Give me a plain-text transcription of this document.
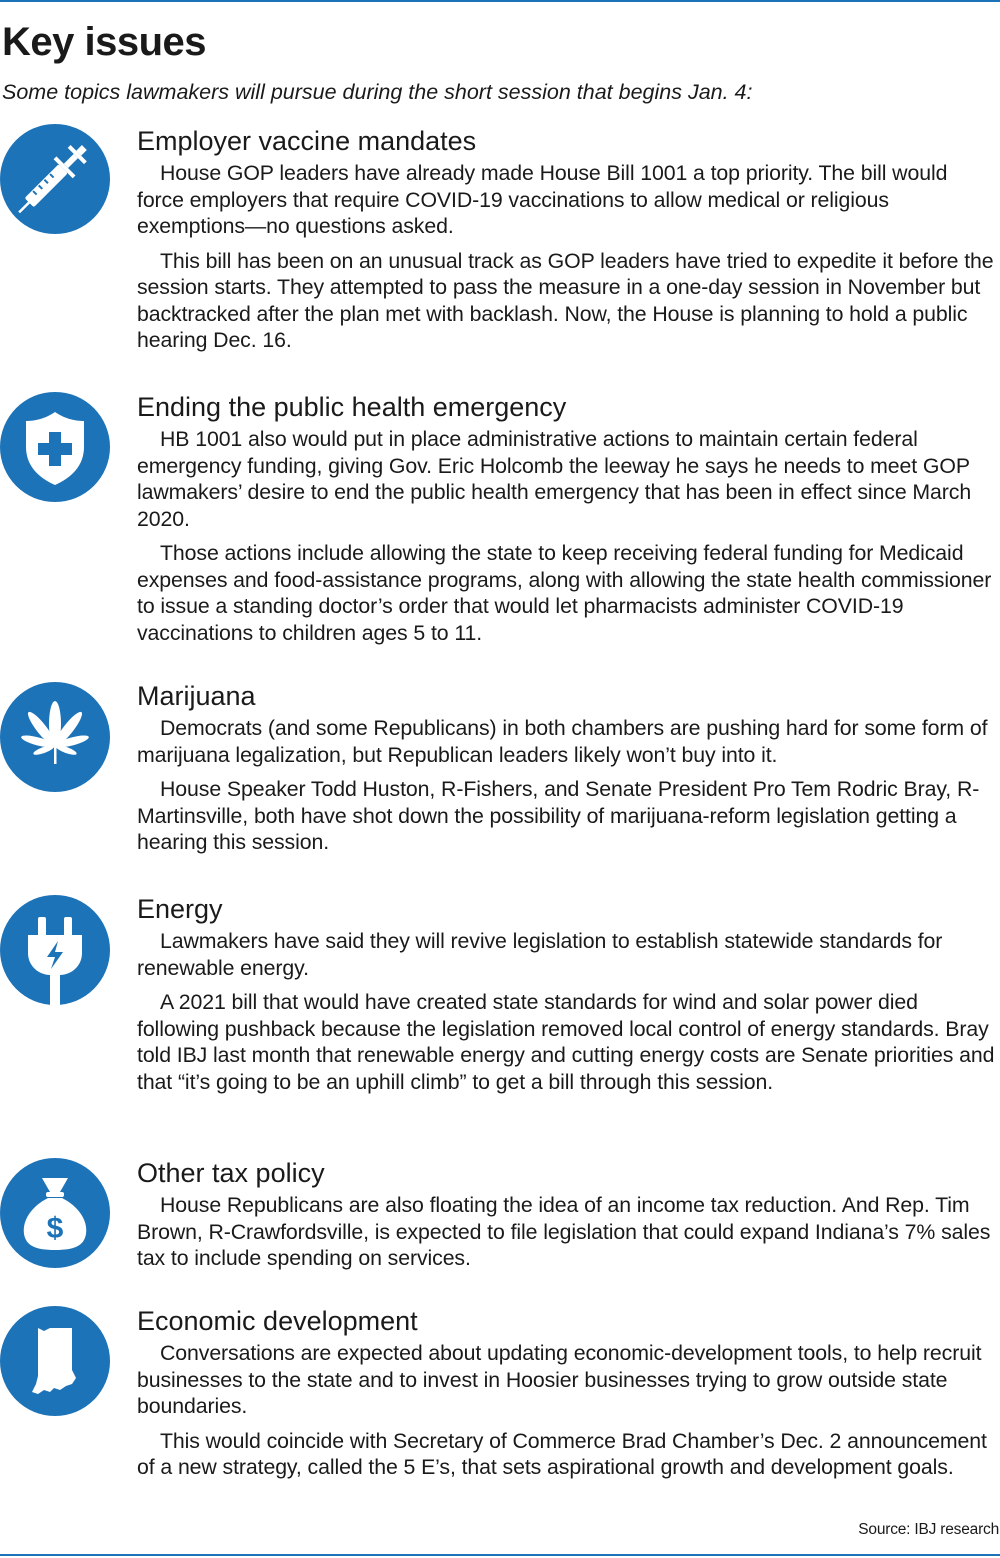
Key issues

Some topics lawmakers will pursue during the short session that begins Jan. 4:

Employer vaccine mandates

House GOP leaders have already made House Bill 1001 a top priority. The bill would force employers that require COVID-19 vaccinations to allow medical or religious exemptions—no questions asked.

This bill has been on an unusual track as GOP leaders have tried to expedite it before the session starts. They attempted to pass the measure in a one-day session in November but backtracked after the plan met with backlash. Now, the House is planning to hold a public hearing Dec. 16.

Ending the public health emergency

HB 1001 also would put in place administrative actions to maintain certain federal emergency funding, giving Gov. Eric Holcomb the leeway he says he needs to meet GOP lawmakers’ desire to end the public health emergency that has been in effect since March 2020.

Those actions include allowing the state to keep receiving federal funding for Medicaid expenses and food-assistance programs, along with allowing the state health commissioner to issue a standing doctor’s order that would let pharmacists administer COVID-19 vaccinations to children ages 5 to 11.

Marijuana

Democrats (and some Republicans) in both chambers are pushing hard for some form of marijuana legalization, but Republican leaders likely won’t buy into it.

House Speaker Todd Huston, R-Fishers, and Senate President Pro Tem Rodric Bray, R-Martinsville, both have shot down the possibility of marijuana-reform legislation getting a hearing this session.

Energy

Lawmakers have said they will revive legislation to establish statewide standards for renewable energy.

A 2021 bill that would have created state standards for wind and solar power died following pushback because the legislation removed local control of energy standards. Bray told IBJ last month that renewable energy and cutting energy costs are Senate priorities and that “it’s going to be an uphill climb” to get a bill through this session.

$
Other tax policy

House Republicans are also floating the idea of an income tax reduction. And Rep. Tim Brown, R-Crawfordsville, is expected to file legislation that could expand Indiana’s 7% sales tax to include spending on services.

Economic development

Conversations are expected about updating economic-development tools, to help recruit businesses to the state and to invest in Hoosier businesses trying to grow outside state boundaries.

This would coincide with Secretary of Commerce Brad Chamber’s Dec. 2 announcement of a new strategy, called the 5 E’s, that sets aspirational growth and development goals.

Source: IBJ research
